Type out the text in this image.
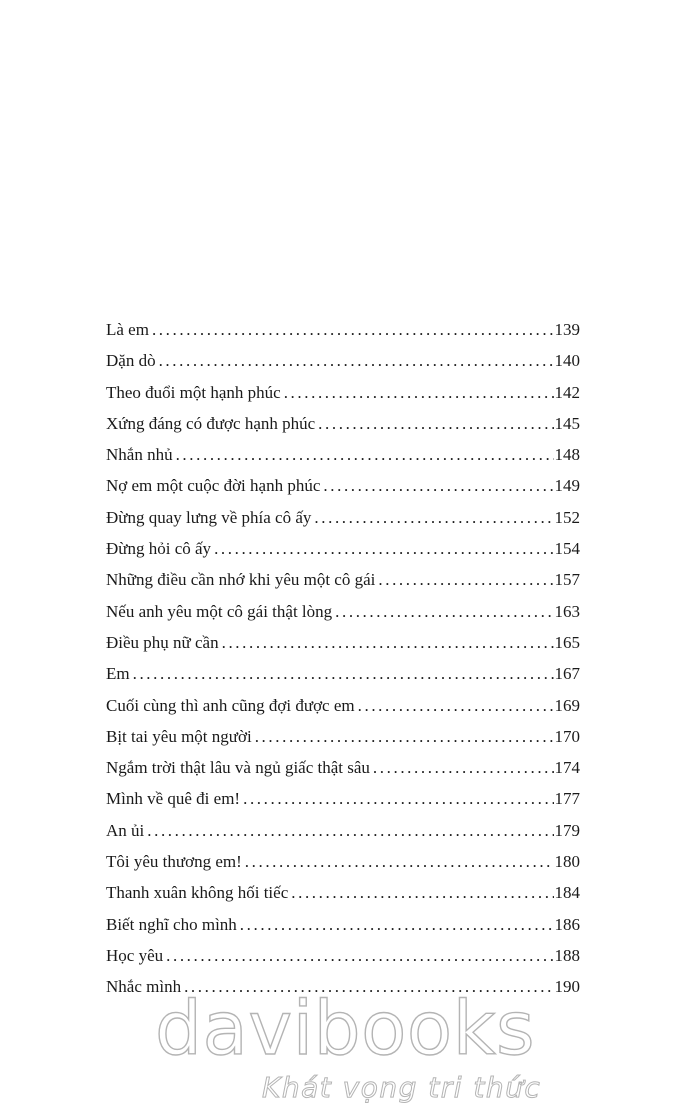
Là em .....	139
Dặn dò .....	140
Theo đuổi một hạnh phúc .....	142
Xứng đáng có được hạnh phúc .....	145
Nhắn nhủ .....	148
Nợ em một cuộc đời hạnh phúc .....	149
Đừng quay lưng về phía cô ấy .....	152
Đừng hỏi cô ấy .....	154
Những điều cần nhớ khi yêu một cô gái .....	157
Nếu anh yêu một cô gái thật lòng .....	163
Điều phụ nữ cần .....	165
Em .....	167
Cuối cùng thì anh cũng đợi được em .....	169
Bịt tai yêu một người .....	170
Ngắm trời thật lâu và ngủ giấc thật sâu .....	174
Mình về quê đi em! .....	177
An ủi .....	179
Tôi yêu thương em! .....	180
Thanh xuân không hối tiếc .....	184
Biết nghĩ cho mình .....	186
Học yêu .....	188
Nhắc mình .....	190
davibooks
Khát vọng tri thức
